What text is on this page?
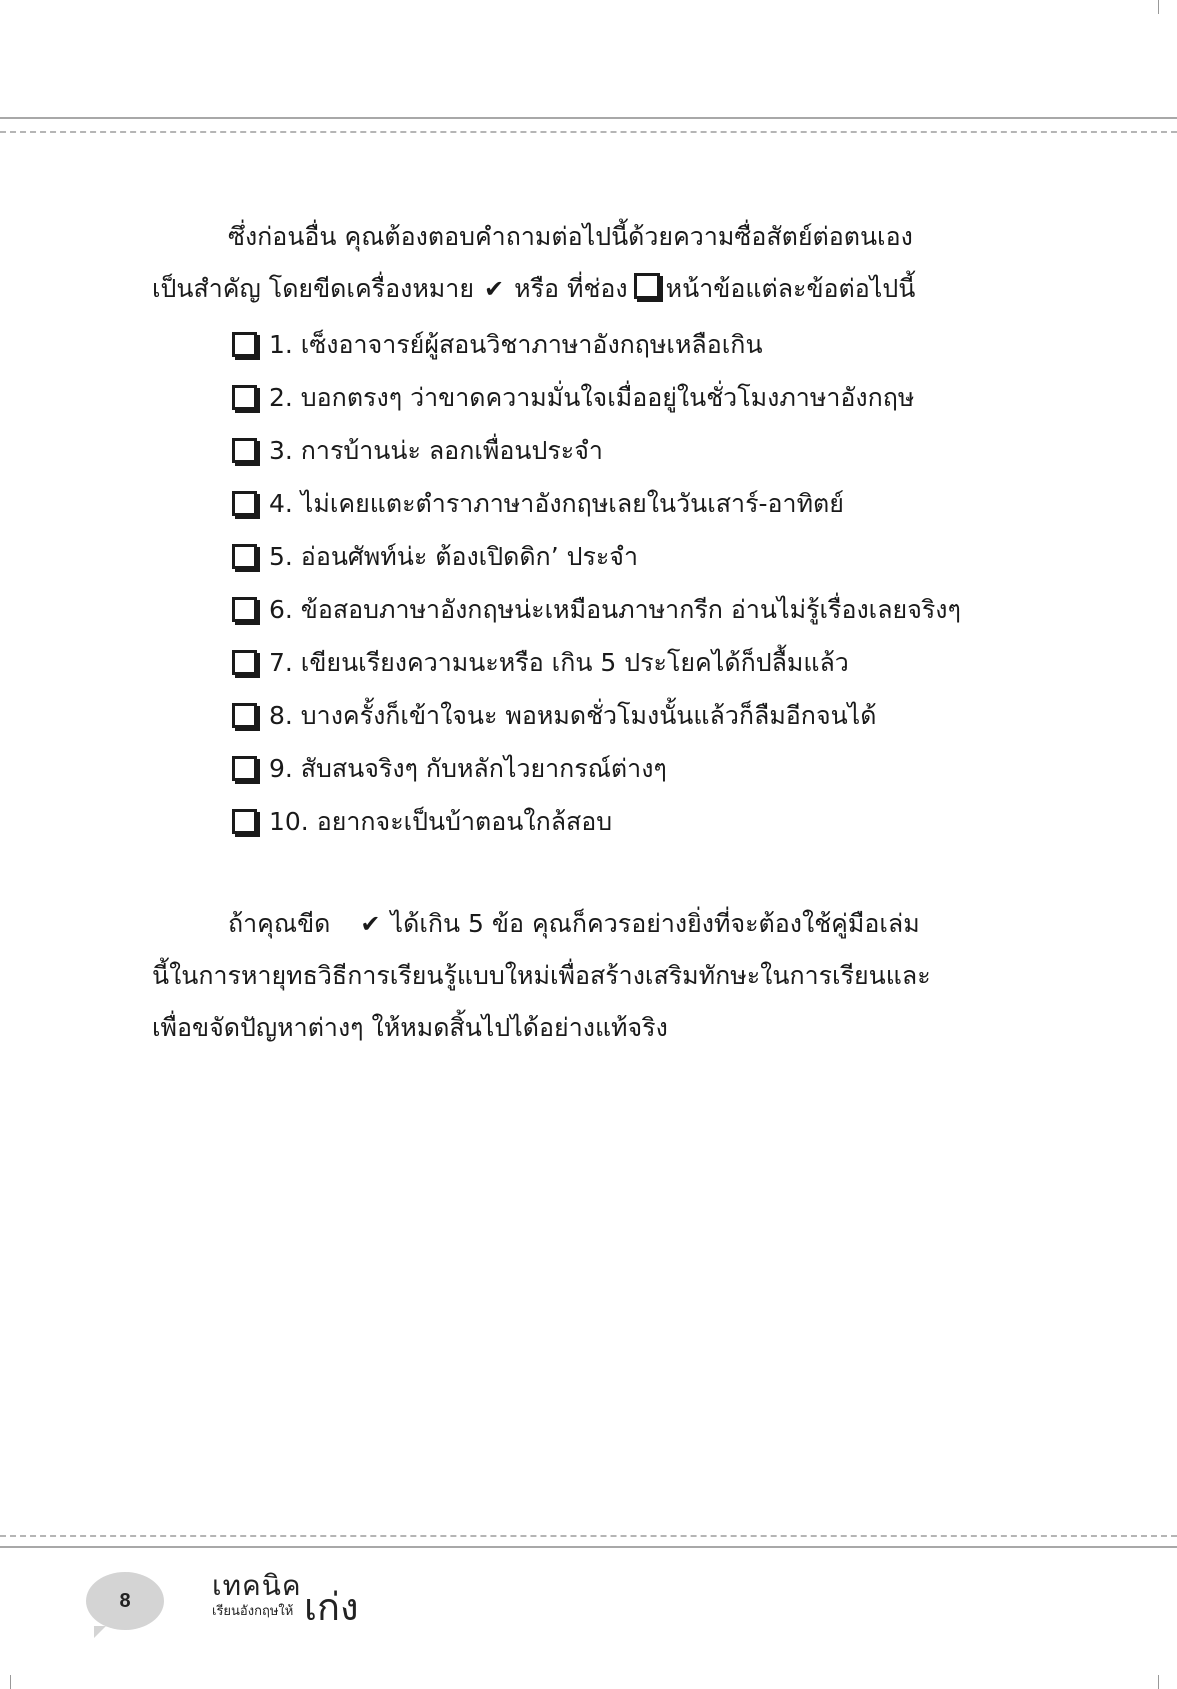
ซึ่งก่อนอื่น คุณต้องตอบคำถามต่อไปนี้ด้วยความซื่อสัตย์ต่อตนเอง
เป็นสำคัญ โดยขีดเครื่องหมาย ✔ หรือ ที่ช่อง หน้าข้อแต่ละข้อต่อไปนี้
1. เซ็งอาจารย์ผู้สอนวิชาภาษาอังกฤษเหลือเกิน
2. บอกตรงๆ ว่าขาดความมั่นใจเมื่ออยู่ในชั่วโมงภาษาอังกฤษ
3. การบ้านน่ะ ลอกเพื่อนประจำ
4. ไม่เคยแตะตำราภาษาอังกฤษเลยในวันเสาร์-อาทิตย์
5. อ่อนศัพท์น่ะ ต้องเปิดดิก’ ประจำ
6. ข้อสอบภาษาอังกฤษน่ะเหมือนภาษากรีก อ่านไม่รู้เรื่องเลยจริงๆ
7. เขียนเรียงความนะหรือ เกิน 5 ประโยคได้ก็ปลื้มแล้ว
8. บางครั้งก็เข้าใจนะ พอหมดชั่วโมงนั้นแล้วก็ลืมอีกจนได้
9. สับสนจริงๆ กับหลักไวยากรณ์ต่างๆ
10. อยากจะเป็นบ้าตอนใกล้สอบ
ถ้าคุณขีด ✔ ได้เกิน 5 ข้อ คุณก็ควรอย่างยิ่งที่จะต้องใช้คู่มือเล่ม
นี้ในการหายุทธวิธีการเรียนรู้แบบใหม่เพื่อสร้างเสริมทักษะในการเรียนและ
เพื่อขจัดปัญหาต่างๆ ให้หมดสิ้นไปได้อย่างแท้จริง
8	เทคนิค
เรียนอังกฤษให้ เก่ง
